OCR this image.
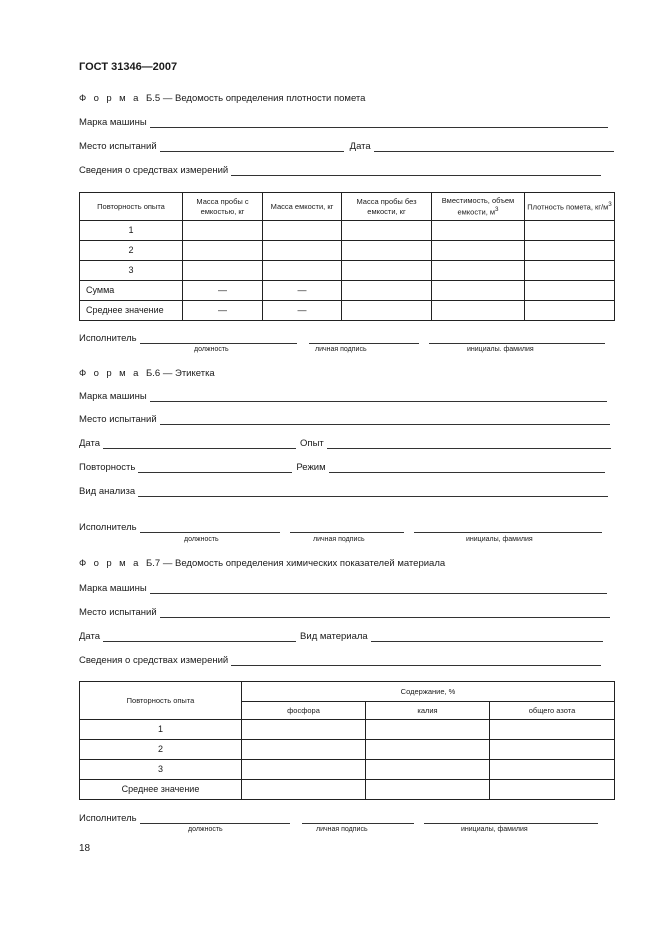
ГОСТ 31346—2007
Ф о р м а Б.5 — Ведомость определения плотности помета
Марка машины
Место испытаний	Дата
Сведения о средствах измерений
Повторность опыта	Масса пробы с емкостью, кг	Масса емкости, кг	Масса пробы без емкости, кг	Вместимость, объем емкости, $м^3$	Плотность помета, $кг/м^3$
1					
2					
3					
Сумма	—	—			
Среднее значение	—	—			
Исполнитель
должность	личная подпись	инициалы. фамилия
Ф о р м а Б.6 — Этикетка
Марка машины
Место испытаний
Дата	Опыт
Повторность	Режим
Вид анализа
Исполнитель
должность	личная подпись	инициалы, фамилия
Ф о р м а Б.7 — Ведомость определения химических показателей материала
Марка машины
Место испытаний
Дата	Вид материала
Сведения о средствах измерений
Повторность опыта	Содержание, %		
	фосфора	калия	общего азота
1			
2			
3			
Среднее значение			
Исполнитель
должность	личная подпись	инициалы, фамилия
18
